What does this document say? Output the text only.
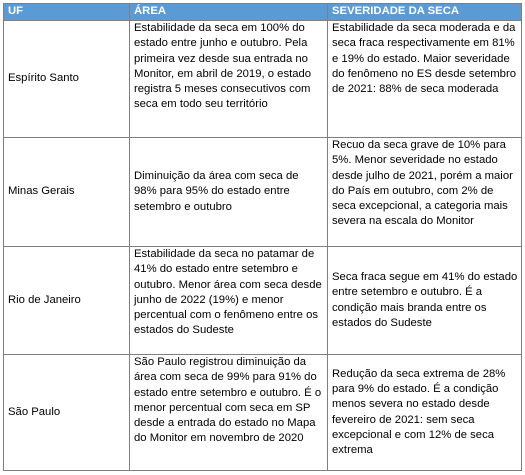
UF	ÁREA	SEVERIDADE DA SECA
Espírito Santo	Estabilidade da seca em 100% do estado entre junho e outubro. Pela primeira vez desde sua entrada no Monitor, em abril de 2019, o estado registra 5 meses consecutivos com seca em todo seu território	Estabilidade da seca moderada e da seca fraca respectivamente em 81% e 19% do estado. Maior severidade do fenômeno no ES desde setembro de 2021: 88% de seca moderada
Minas Gerais	Diminuição da área com seca de 98% para 95% do estado entre setembro e outubro	Recuo da seca grave de 10% para 5%. Menor severidade no estado desde julho de 2021, porém a maior do País em outubro, com 2% de seca excepcional, a categoria mais severa na escala do Monitor
Rio de Janeiro	Estabilidade da seca no patamar de 41% do estado entre setembro e outubro. Menor área com seca desde junho de 2022 (19%) e menor percentual com o fenômeno entre os estados do Sudeste	Seca fraca segue em 41% do estado entre setembro e outubro. É a condição mais branda entre os estados do Sudeste
São Paulo	São Paulo registrou diminuição da área com seca de 99% para 91% do estado entre setembro e outubro. É o menor percentual com seca em SP desde a entrada do estado no Mapa do Monitor em novembro de 2020	Redução da seca extrema de 28% para 9% do estado. É a condição menos severa no estado desde fevereiro de 2021: sem seca excepcional e com 12% de seca extrema
